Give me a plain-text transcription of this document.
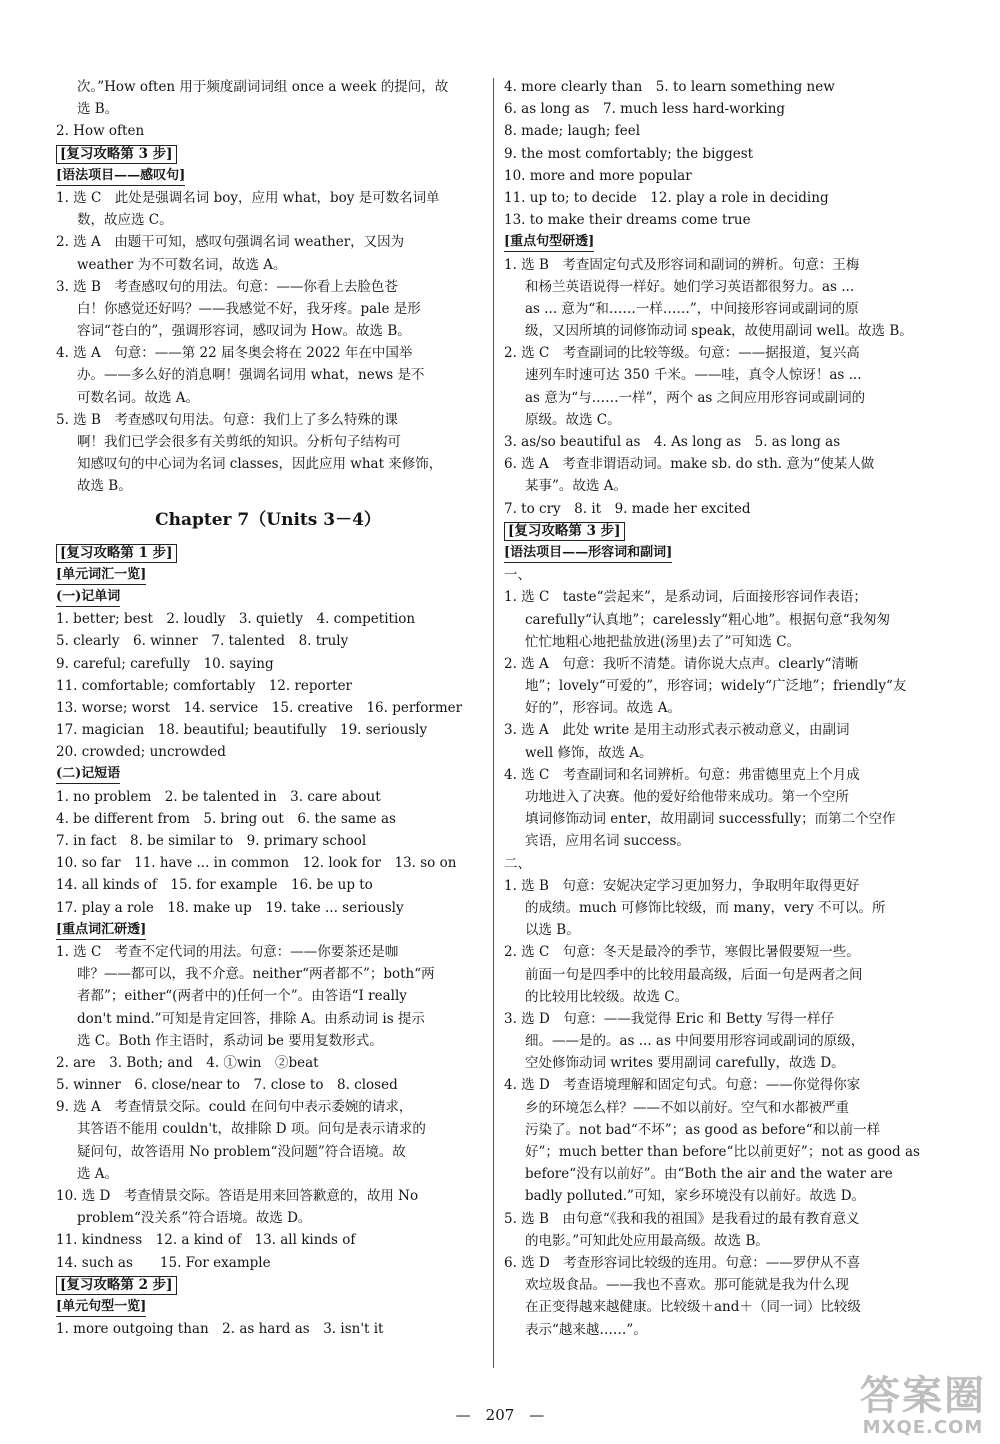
次。”How often 用于频度副词词组 once a week 的提问，故
选 B。
2. How often
[复习攻略第 3 步]
[语法项目——感叹句]
1. 选 C　此处是强调名词 boy，应用 what，boy 是可数名词单
数，故应选 C。
2. 选 A　由题干可知，感叹句强调名词 weather，又因为
weather 为不可数名词，故选 A。
3. 选 B　考查感叹句的用法。句意：——你看上去脸色苍
白！你感觉还好吗？——我感觉不好，我牙疼。pale 是形
容词“苍白的”，强调形容词，感叹词为 How。故选 B。
4. 选 A　句意：——第 22 届冬奥会将在 2022 年在中国举
办。——多么好的消息啊！强调名词用 what，news 是不
可数名词。故选 A。
5. 选 B　考查感叹句用法。句意：我们上了多么特殊的课
啊！我们已学会很多有关剪纸的知识。分析句子结构可
知感叹句的中心词为名词 classes，因此应用 what 来修饰，
故选 B。
Chapter 7（Units 3－4）
[复习攻略第 1 步]
[单元词汇一览]
(一)记单词
1. better; best　2. loudly　3. quietly　4. competition
5. clearly　6. winner　7. talented　8. truly
9. careful; carefully　10. saying
11. comfortable; comfortably　12. reporter
13. worse; worst　14. service　15. creative　16. performer
17. magician　18. beautiful; beautifully　19. seriously
20. crowded; uncrowded
(二)记短语
1. no problem　2. be talented in　3. care about
4. be different from　5. bring out　6. the same as
7. in fact　8. be similar to　9. primary school
10. so far　11. have ... in common　12. look for　13. so on
14. all kinds of　15. for example　16. be up to
17. play a role　18. make up　19. take ... seriously
[重点词汇研透]
1. 选 C　考查不定代词的用法。句意：——你要茶还是咖
啡？——都可以，我不介意。neither“两者都不”；both“两
者都”；either“(两者中的)任何一个”。由答语“I really
don't mind.”可知是肯定回答，排除 A。由系动词 is 提示
选 C。Both 作主语时，系动词 be 要用复数形式。
2. are　3. Both; and　4. ①win　②beat
5. winner　6. close/near to　7. close to　8. closed
9. 选 A　考查情景交际。could 在问句中表示委婉的请求，
其答语不能用 couldn't，故排除 D 项。问句是表示请求的
疑问句，故答语用 No problem“没问题”符合语境。故
选 A。
10. 选 D　考查情景交际。答语是用来回答歉意的，故用 No
problem“没关系”符合语境。故选 D。
11. kindness　12. a kind of　13. all kinds of
14. such as　　15. For example
[复习攻略第 2 步]
[单元句型一览]
1. more outgoing than　2. as hard as　3. isn't it
4. more clearly than　5. to learn something new
6. as long as　7. much less hard-working
8. made; laugh; feel
9. the most comfortably; the biggest
10. more and more popular
11. up to; to decide　12. play a role in deciding
13. to make their dreams come true
[重点句型研透]
1. 选 B　考查固定句式及形容词和副词的辨析。句意：王梅
和杨兰英语说得一样好。她们学习英语都很努力。as ...
as ... 意为“和……一样……”，中间接形容词或副词的原
级，又因所填的词修饰动词 speak，故使用副词 well。故选 B。
2. 选 C　考查副词的比较等级。句意：——据报道，复兴高
速列车时速可达 350 千米。——哇，真令人惊讶！as ...
as 意为“与……一样”，两个 as 之间应用形容词或副词的
原级。故选 C。
3. as/so beautiful as　4. As long as　5. as long as
6. 选 A　考查非谓语动词。make sb. do sth. 意为“使某人做
某事”。故选 A。
7. to cry　8. it　9. made her excited
[复习攻略第 3 步]
[语法项目——形容词和副词]
一、
1. 选 C　taste“尝起来”，是系动词，后面接形容词作表语；
carefully“认真地”；carelessly“粗心地”。根据句意“我匆匆
忙忙地粗心地把盐放进(汤里)去了”可知选 C。
2. 选 A　句意：我听不清楚。请你说大点声。clearly“清晰
地”；lovely“可爱的”，形容词；widely“广泛地”；friendly“友
好的”，形容词。故选 A。
3. 选 A　此处 write 是用主动形式表示被动意义，由副词
well 修饰，故选 A。
4. 选 C　考查副词和名词辨析。句意：弗雷德里克上个月成
功地进入了决赛。他的爱好给他带来成功。第一个空所
填词修饰动词 enter，故用副词 successfully；而第二个空作
宾语，应用名词 success。
二、
1. 选 B　句意：安妮决定学习更加努力，争取明年取得更好
的成绩。much 可修饰比较级，而 many，very 不可以。所
以选 B。
2. 选 C　句意：冬天是最冷的季节，寒假比暑假要短一些。
前面一句是四季中的比较用最高级，后面一句是两者之间
的比较用比较级。故选 C。
3. 选 D　句意：——我觉得 Eric 和 Betty 写得一样仔
细。——是的。as ... as 中间要用形容词或副词的原级，
空处修饰动词 writes 要用副词 carefully，故选 D。
4. 选 D　考查语境理解和固定句式。句意：——你觉得你家
乡的环境怎么样？——不如以前好。空气和水都被严重
污染了。not bad“不坏”；as good as before“和以前一样
好”；much better than before“比以前更好”；not as good as
before“没有以前好”。由“Both the air and the water are
badly polluted.”可知，家乡环境没有以前好。故选 D。
5. 选 B　由句意“《我和我的祖国》是我看过的最有教育意义
的电影。”可知此处应用最高级。故选 B。
6. 选 D　考查形容词比较级的连用。句意：——罗伊从不喜
欢垃圾食品。——我也不喜欢。那可能就是我为什么现
在正变得越来越健康。比较级＋and＋（同一词）比较级
表示“越来越……”。
—　207　—	答案圈
MXQE.COM
